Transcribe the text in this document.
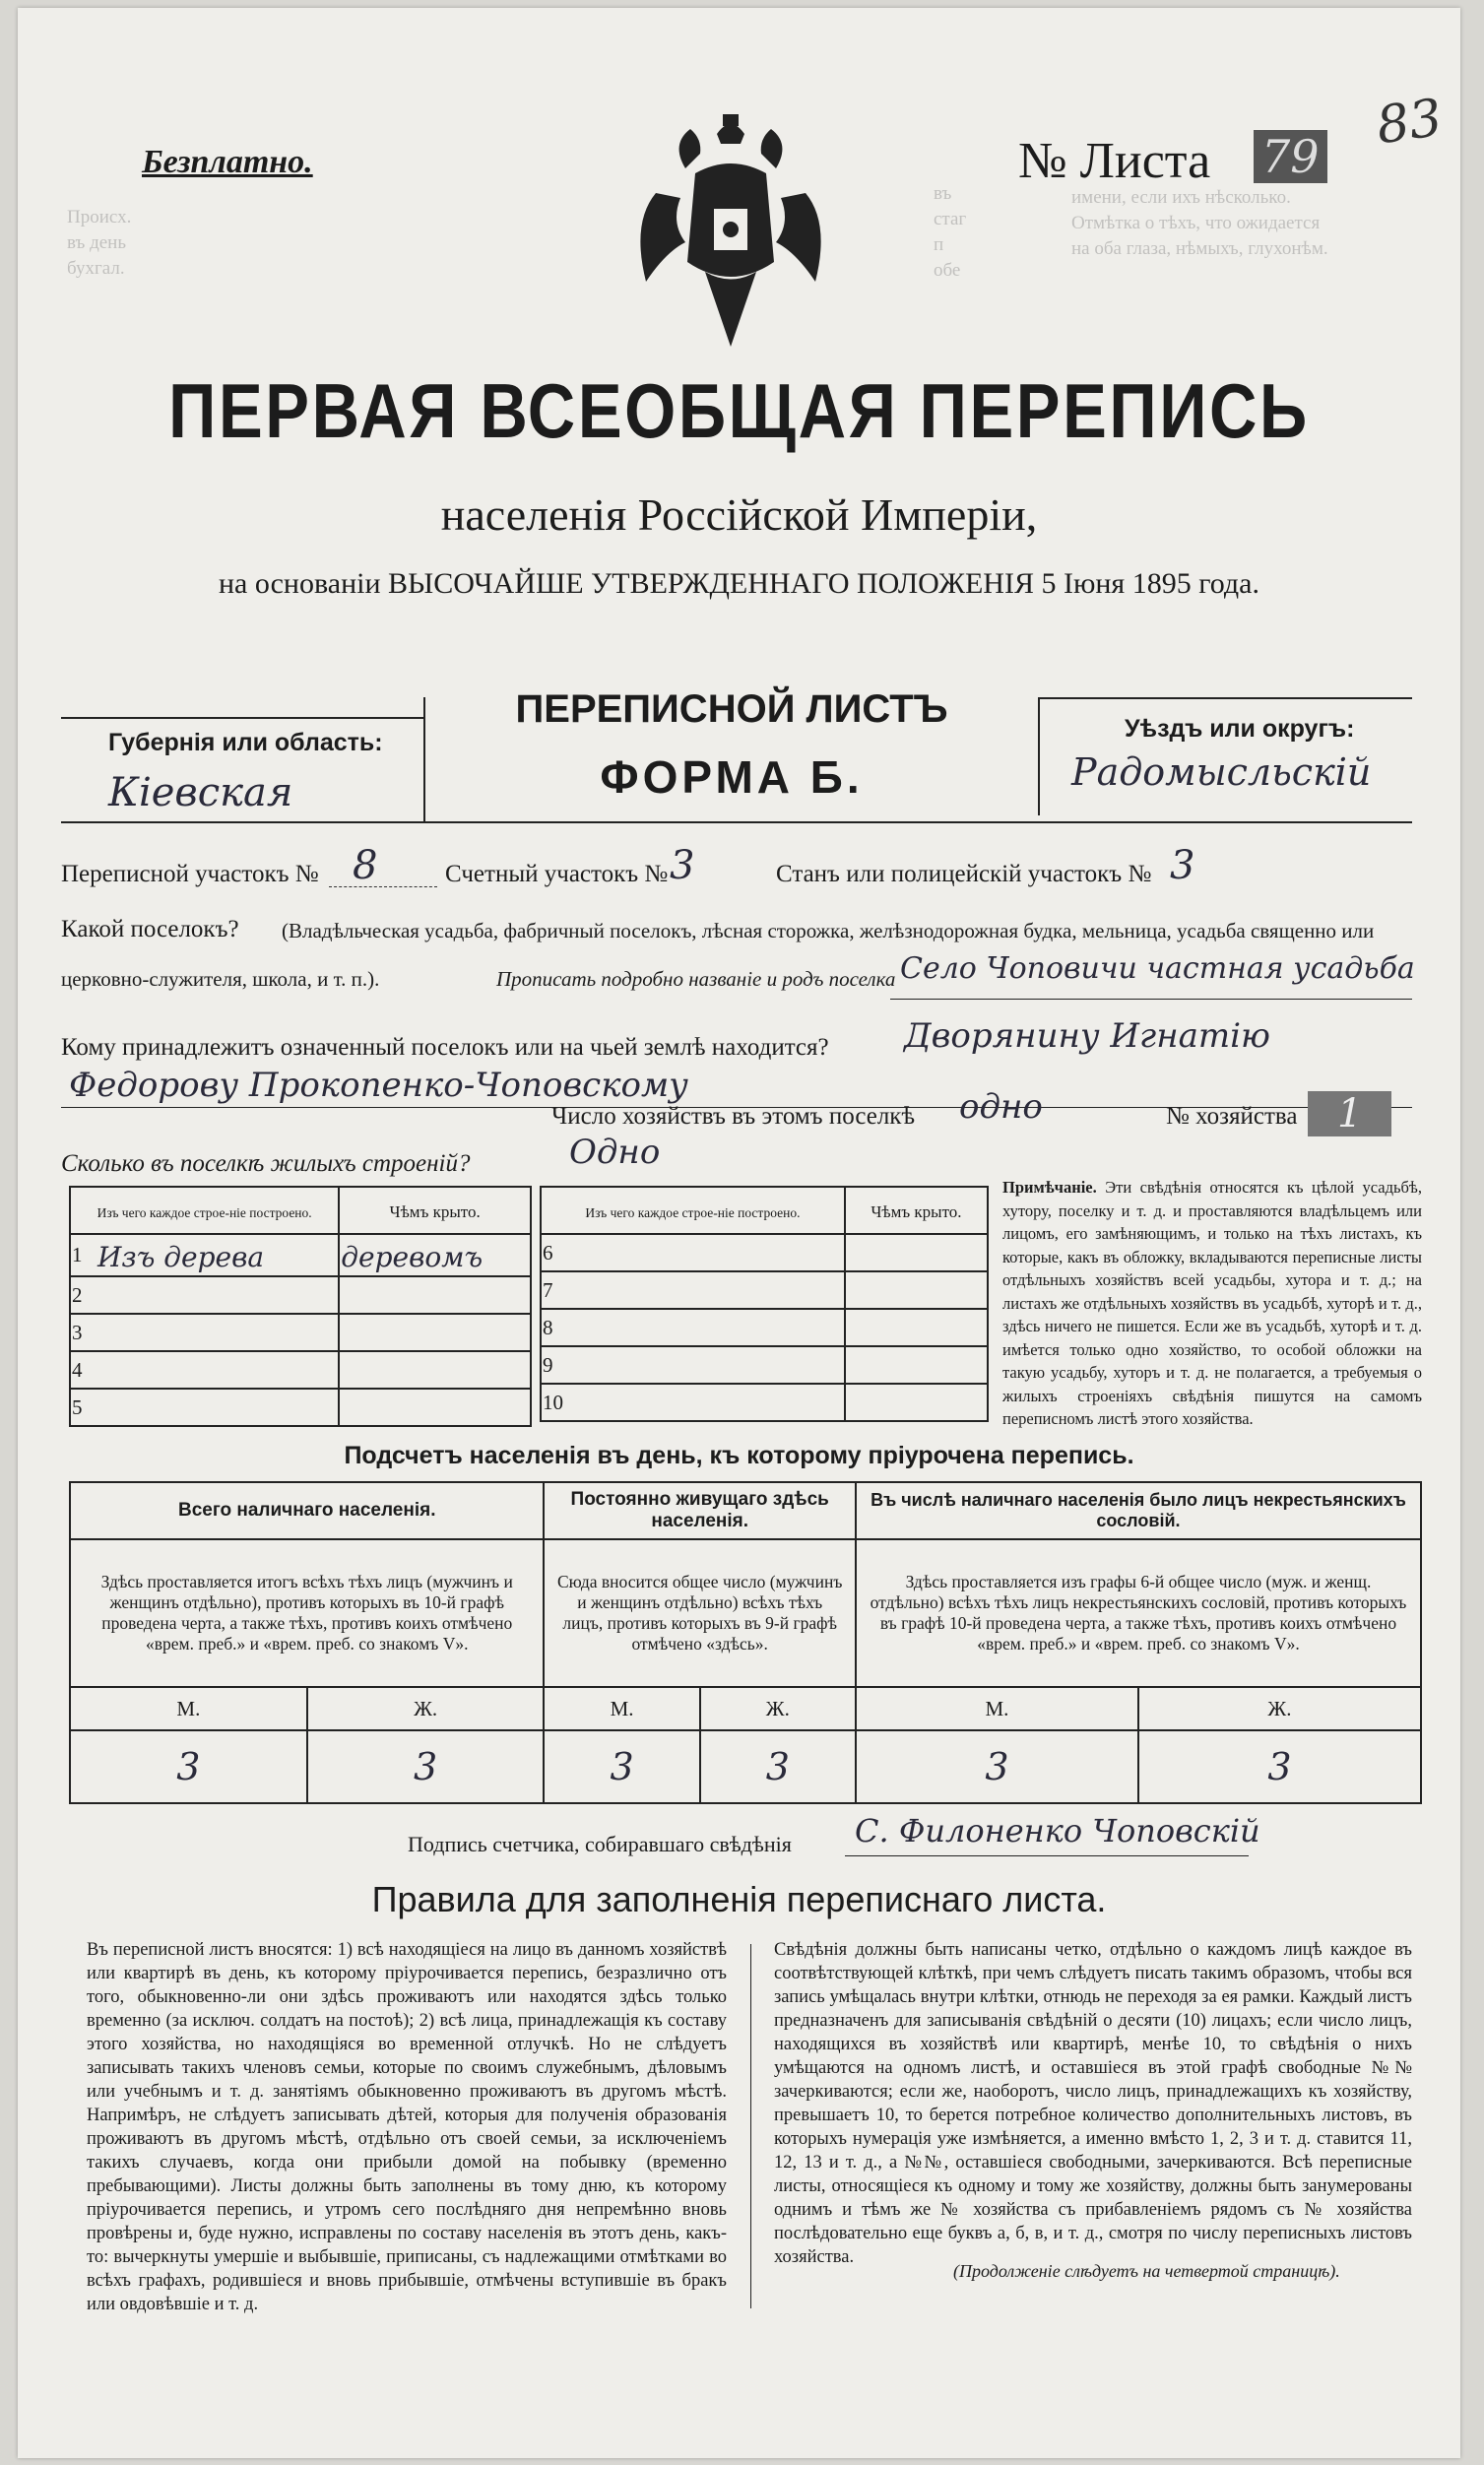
Происх.
въ день
бухгал.
въ
стаг
п
обе
имени, если ихъ нѣсколько.
Отмѣтка о тѣхъ, что ожидается
на оба глаза, нѣмыхъ, глухонѣм.
Безплатно.	№ Листа 79
83
ПЕРВАЯ ВСЕОБЩАЯ ПЕРЕПИСЬ
населенія Россійской Имперіи,
на основаніи ВЫСОЧАЙШЕ УТВЕРЖДЕННАГО ПОЛОЖЕНІЯ 5 Іюня 1895 года.
Губернія или область:
Кіевская
ПЕРЕПИСНОЙ ЛИСТЪ
ФОРМА Б.
Уѣздъ или округъ:
Радомысльскій
Переписной участокъ № 8	Счетный участокъ № 3	Станъ или полицейскій участокъ № 3
Какой поселокъ? (Владѣльческая усадьба, фабричный поселокъ, лѣсная сторожка, желѣзнодорожная будка, мельница, усадьба священно или
церковно-служителя, школа, и т. п.).	Прописать подробно названіе и родъ поселка Село Чоповичи частная усадьба
Кому принадлежитъ означенный поселокъ или на чьей землѣ находится? Дворянину Игнатію
Федорову Прокопенко-Чоповскому
Число хозяйствъ въ этомъ поселкѣ одно	№ хозяйства	1
Сколько въ поселкѣ жилыхъ строеній?	Одно
Изъ чего каждое строе-ніе построено.		Чѣмъ крыто.
1	Изъ дерева	деревомъ
2		
3		
4		
5		
Изъ чего каждое строе-ніе построено.		Чѣмъ крыто.
6		
7		
8		
9		
10		
Примѣчаніе. Эти свѣдѣнія относятся къ цѣлой усадьбѣ, хутору, поселку и т. д. и проставляются владѣльцемъ или лицомъ, его замѣняющимъ, и только на тѣхъ листахъ, къ которые, какъ въ обложку, вкладываются переписные листы отдѣльныхъ хозяйствъ всей усадьбы, хутора и т. д.; на листахъ же отдѣльныхъ хозяйствъ въ усадьбѣ, хуторѣ и т. д., здѣсь ничего не пишется. Если же въ усадьбѣ, хуторѣ и т. д. имѣется только одно хозяйство, то особой обложки на такую усадьбу, хуторъ и т. д. не полагается, а требуемыя о жилыхъ строеніяхъ свѣдѣнія пишутся на самомъ переписномъ листѣ этого хозяйства.
Подсчетъ населенія въ день, къ которому пріурочена перепись.
Всего наличнаго населенія.		Постоянно живущаго здѣсь населенія.		Въ числѣ наличнаго населенія было лицъ некрестьянскихъ сословій.	
Здѣсь проставляется итогъ всѣхъ тѣхъ лицъ (мужчинъ и женщинъ отдѣльно), противъ которыхъ въ 10-й графѣ проведена черта, а также тѣхъ, противъ коихъ отмѣчено «врем. преб.» и «врем. преб. со знакомъ V».		Сюда вносится общее число (мужчинъ и женщинъ отдѣльно) всѣхъ тѣхъ лицъ, противъ которыхъ въ 9-й графѣ отмѣчено «здѣсь».		Здѣсь проставляется изъ графы 6-й общее число (муж. и женщ. отдѣльно) всѣхъ тѣхъ лицъ некрестьянскихъ сословій, противъ которыхъ въ графѣ 10-й проведена черта, а также тѣхъ, противъ коихъ отмѣчено «врем. преб.» и «врем. преб. со знакомъ V».	
М.	Ж.	М.	Ж.	М.	Ж.
3	3	3	3	3	3
Подпись счетчика, собиравшаго свѣдѣнія С. Филоненко Чоповскій
Правила для заполненія переписнаго листа.
Въ переписной листъ вносятся: 1) всѣ находящіеся на лицо въ данномъ хозяйствѣ или квартирѣ въ день, къ которому пріурочивается перепись, безразлично отъ того, обыкновенно-ли они здѣсь проживаютъ или находятся здѣсь только временно (за исключ. солдатъ на постоѣ); 2) всѣ лица, принадлежащія къ составу этого хозяйства, но находящіяся во временной отлучкѣ. Но не слѣдуетъ записывать такихъ членовъ семьи, которые по своимъ служебнымъ, дѣловымъ или учебнымъ и т. д. занятіямъ обыкновенно проживаютъ въ другомъ мѣстѣ. Напримѣръ, не слѣдуетъ записывать дѣтей, которыя для полученія образованія проживаютъ въ другомъ мѣстѣ, отдѣльно отъ своей семьи, за исключеніемъ такихъ случаевъ, когда они прибыли домой на побывку (временно пребывающими). Листы должны быть заполнены въ тому дню, къ которому пріурочивается перепись, и утромъ сего послѣдняго дня непремѣнно вновь провѣрены и, буде нужно, исправлены по составу населенія въ этотъ день, какъ-то: вычеркнуты умершіе и выбывшіе, приписаны, съ надлежащими отмѣтками во всѣхъ графахъ, родившіеся и вновь прибывшіе, отмѣчены вступившіе въ бракъ или овдовѣвшіе и т. д.
Свѣдѣнія должны быть написаны четко, отдѣльно о каждомъ лицѣ каждое въ соотвѣтствующей клѣткѣ, при чемъ слѣдуетъ писать такимъ образомъ, чтобы вся запись умѣщалась внутри клѣтки, отнюдь не переходя за ея рамки. Каждый листъ предназначенъ для записыванія свѣдѣній о десяти (10) лицахъ; если число лицъ, находящихся въ хозяйствѣ или квартирѣ, менѣе 10, то свѣдѣнія о нихъ умѣщаются на одномъ листѣ, и оставшіеся въ этой графѣ свободные №№ зачеркиваются; если же, наоборотъ, число лицъ, принадлежащихъ къ хозяйству, превышаетъ 10, то берется потребное количество дополнительныхъ листовъ, въ которыхъ нумерація уже измѣняется, а именно вмѣсто 1, 2, 3 и т. д. ставится 11, 12, 13 и т. д., а №№, оставшіеся свободными, зачеркиваются. Всѣ переписные листы, относящіеся къ одному и тому же хозяйству, должны быть занумерованы однимъ и тѣмъ же № хозяйства съ прибавленіемъ рядомъ съ № хозяйства послѣдовательно еще буквъ а, б, в, и т. д., смотря по числу переписныхъ листовъ хозяйства.
(Продолженіе слѣдуетъ на четвертой страницѣ).
